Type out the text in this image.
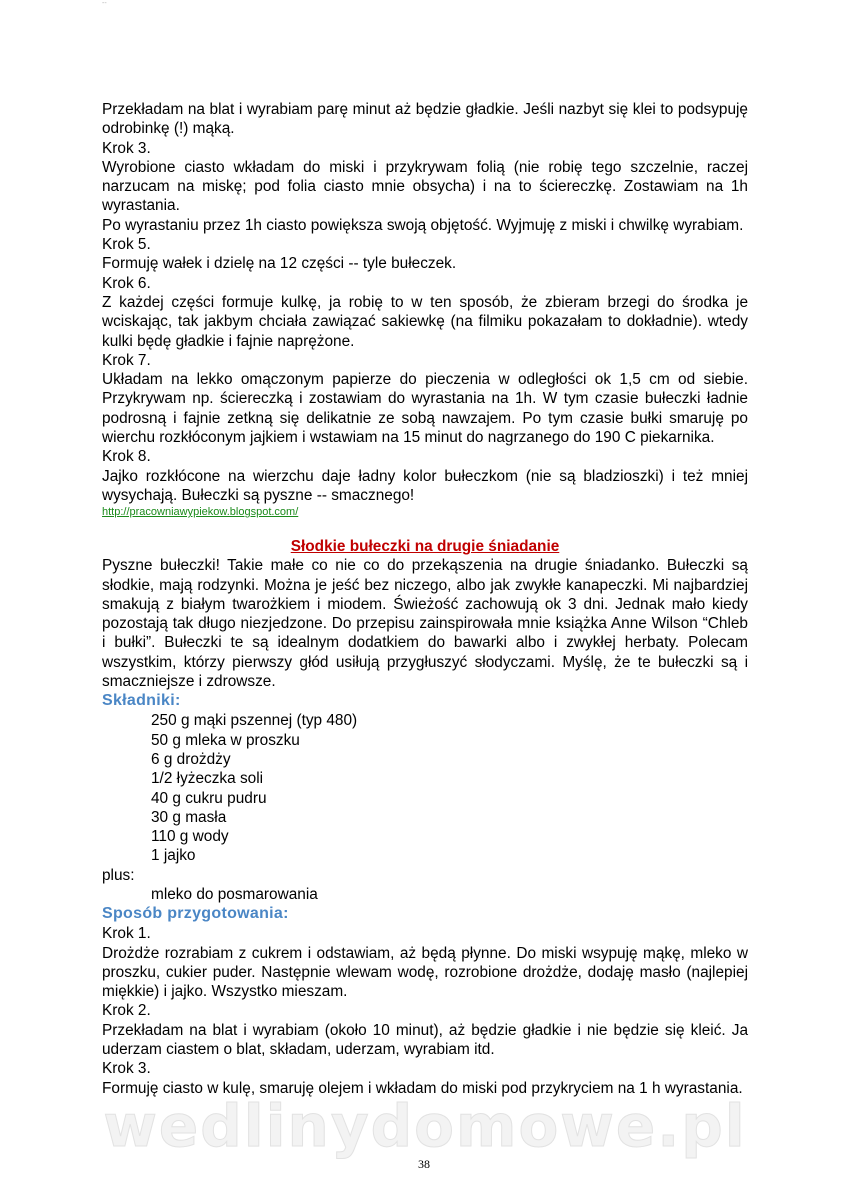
--

Przekładam na blat i wyrabiam parę minut aż będzie gładkie. Jeśli nazbyt się klei to podsypuję odrobinkę (!) mąką.

Krok 3.

Wyrobione ciasto wkładam do miski i przykrywam folią (nie robię tego szczelnie, raczej narzucam na miskę; pod folia ciasto mnie obsycha) i na to ściereczkę. Zostawiam na 1h wyrastania.

Po wyrastaniu przez 1h ciasto powiększa swoją objętość. Wyjmuję z miski i chwilkę wyrabiam.

Krok 5.

Formuję wałek i dzielę na 12 części -- tyle bułeczek.

Krok 6.

Z każdej części formuje kulkę, ja robię to w ten sposób, że zbieram brzegi do środka je wciskając, tak jakbym chciała zawiązać sakiewkę (na filmiku pokazałam to dokładnie). wtedy kulki będę gładkie i fajnie naprężone.

Krok 7.

Układam na lekko omączonym papierze do pieczenia w odległości ok 1,5 cm od siebie. Przykrywam np. ściereczką i zostawiam do wyrastania na 1h. W tym czasie bułeczki ładnie podrosną i fajnie zetkną się delikatnie ze sobą nawzajem. Po tym czasie bułki smaruję po wierchu rozkłóconym jajkiem i wstawiam na 15 minut do nagrzanego do 190 C piekarnika.

Krok 8.

Jajko rozkłócone na wierzchu daje ładny kolor bułeczkom (nie są bladzioszki) i też mniej wysychają. Bułeczki są pyszne -- smacznego!

http://pracowniawypiekow.blogspot.com/
Słodkie bułeczki na drugie śniadanie

Pyszne bułeczki! Takie małe co nie co do przekąszenia na drugie śniadanko. Bułeczki są słodkie, mają rodzynki. Można je jeść bez niczego, albo jak zwykłe kanapeczki. Mi najbardziej smakują z białym twarożkiem i miodem. Świeżość zachowują ok 3 dni. Jednak mało kiedy pozostają tak długo niezjedzone. Do przepisu zainspirowała mnie książka Anne Wilson “Chleb i bułki”. Bułeczki te są idealnym dodatkiem do bawarki albo i zwykłej herbaty. Polecam wszystkim, którzy pierwszy głód usiłują przygłuszyć słodyczami. Myślę, że te bułeczki są i smaczniejsze i zdrowsze.

Składniki:
250 g mąki pszennej (typ 480)
50 g mleka w proszku
6 g drożdży
1/2 łyżeczka soli
40 g cukru pudru
30 g masła
110 g wody
1 jajko

plus:

mleko do posmarowania
Sposób przygotowania:

Krok 1.

Drożdże rozrabiam z cukrem i odstawiam, aż będą płynne. Do miski wsypuję mąkę, mleko w proszku, cukier puder. Następnie wlewam wodę, rozrobione drożdże, dodaję masło (najlepiej miękkie) i jajko. Wszystko mieszam.

Krok 2.

Przekładam na blat i wyrabiam (około 10 minut), aż będzie gładkie i nie będzie się kleić. Ja uderzam ciastem o blat, składam, uderzam, wyrabiam itd.

Krok 3.

Formuję ciasto w kulę, smaruję olejem i wkładam do miski pod przykryciem na 1 h wyrastania.

wedlinydomowe.pl
38
